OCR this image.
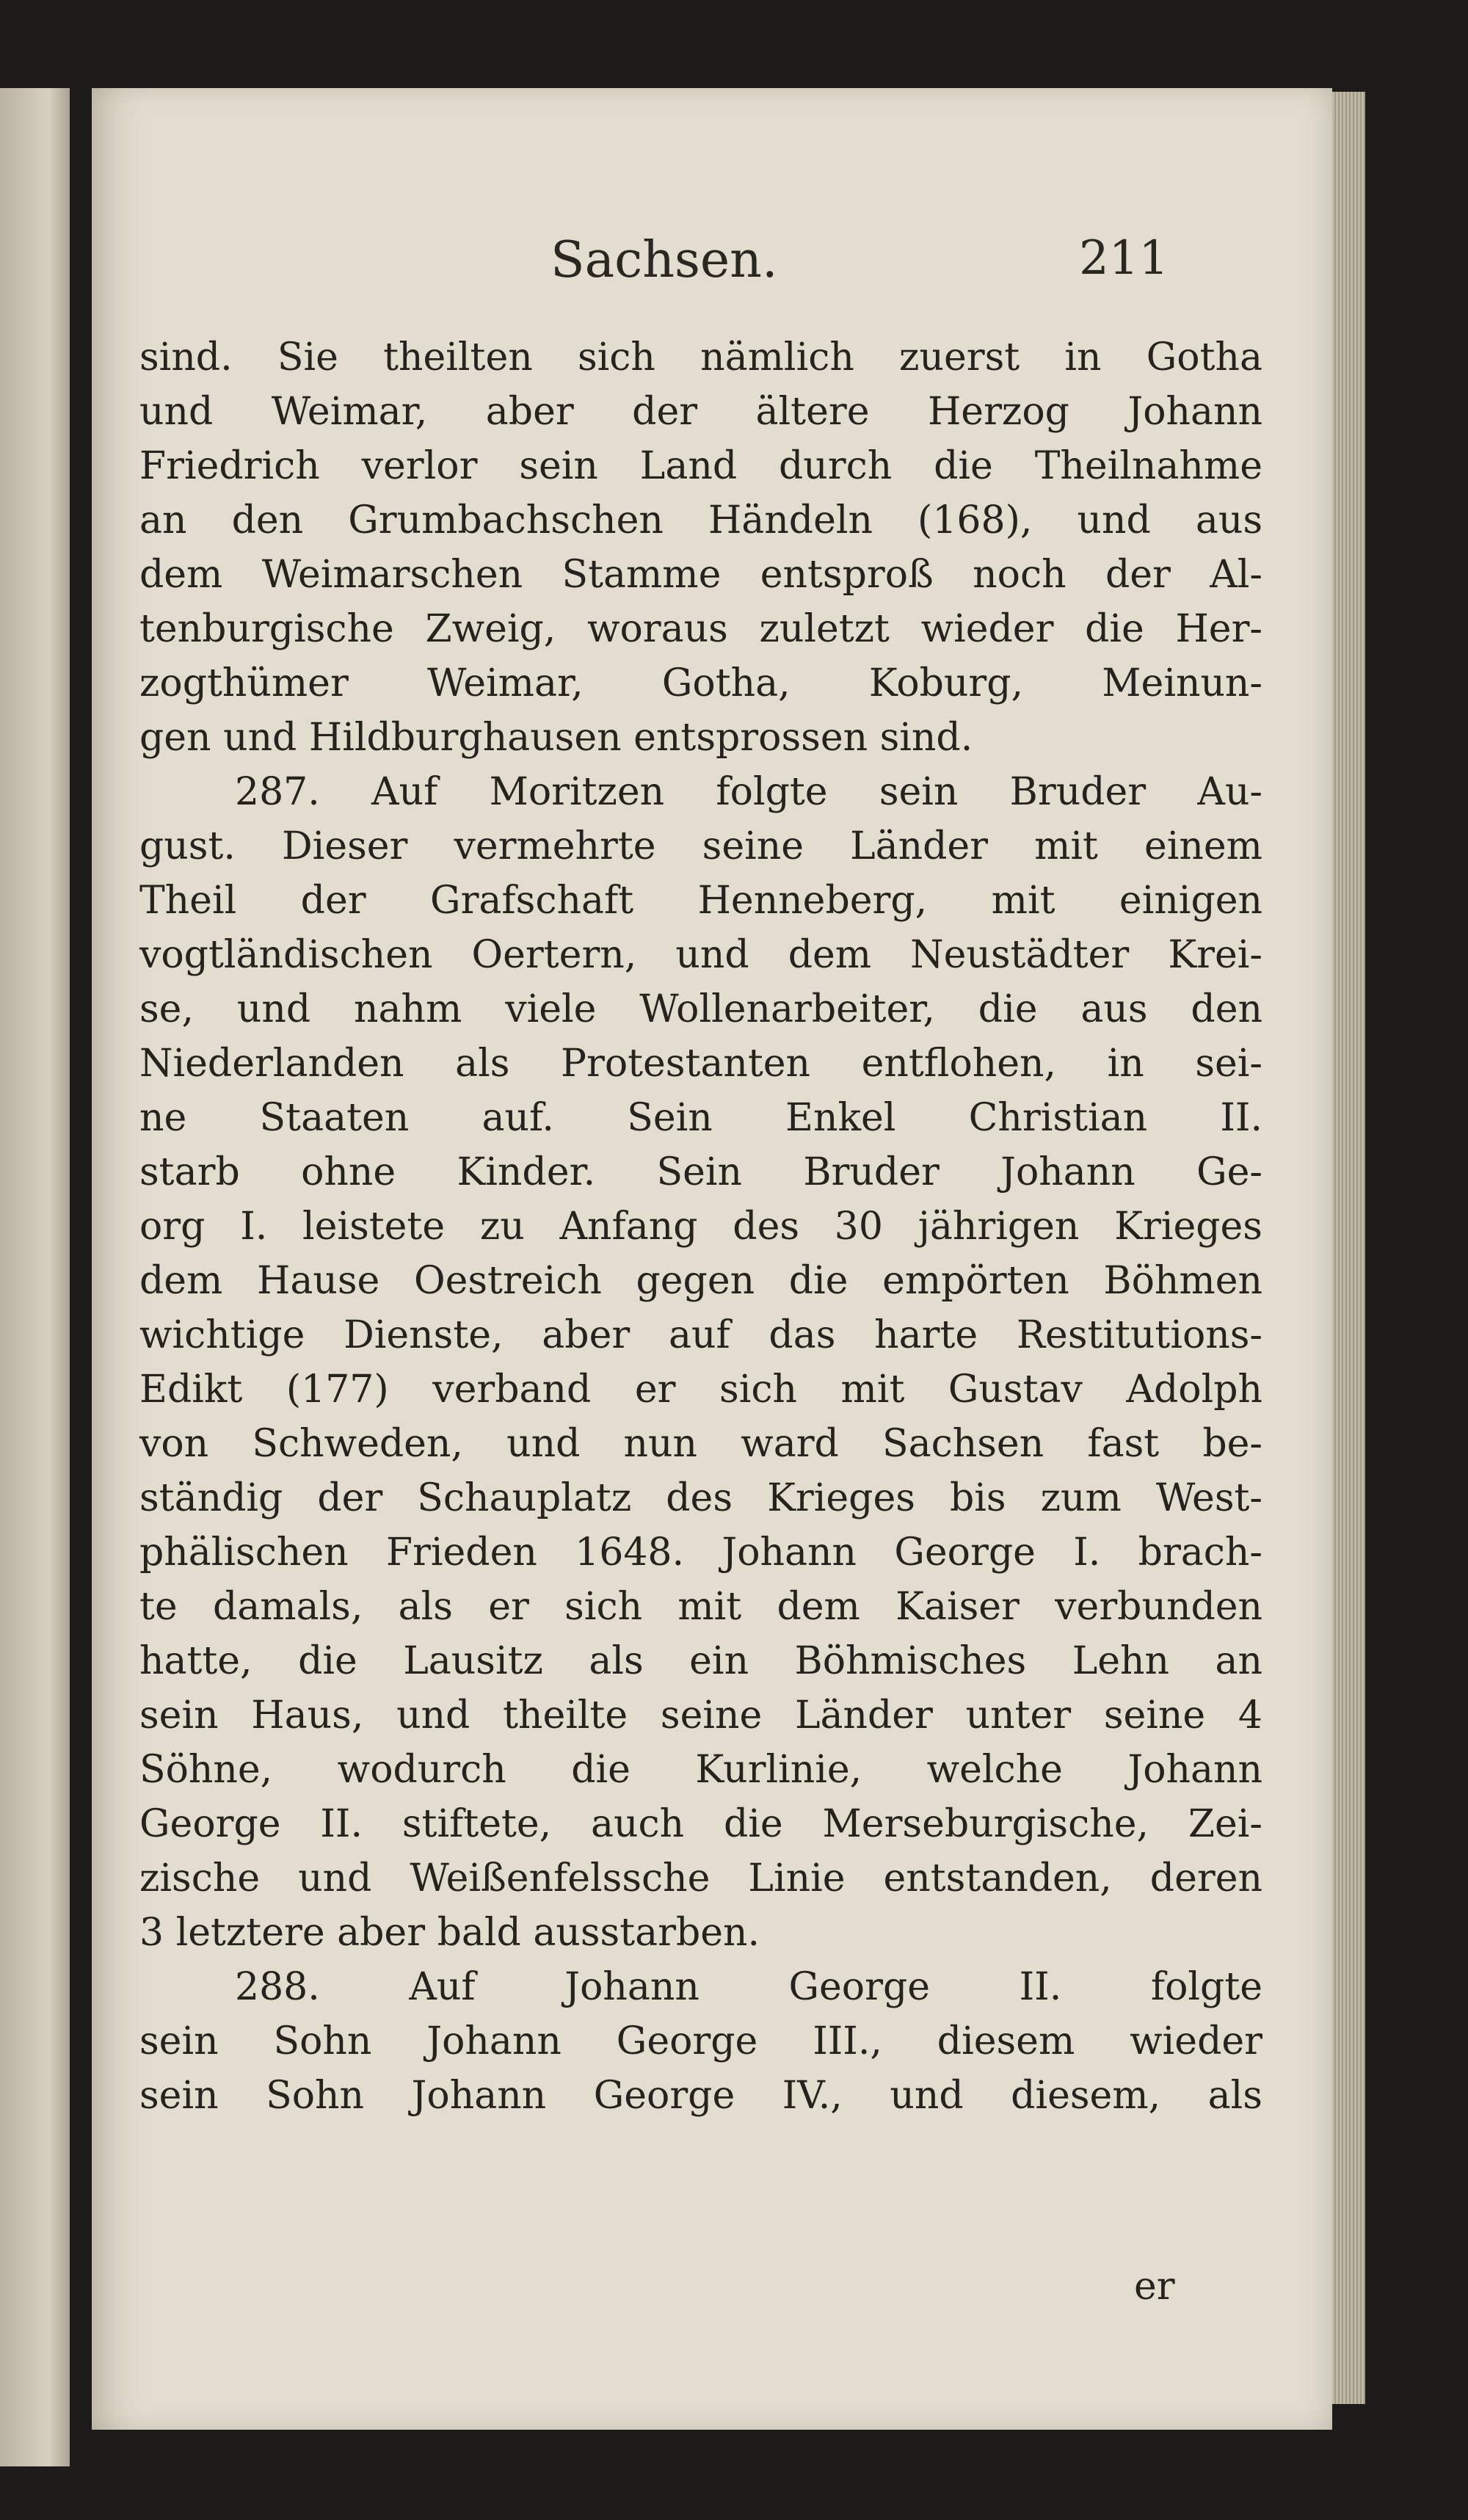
Sachsen.	211
sind. Sie theilten sich nämlich zuerst in Gotha
und Weimar, aber der ältere Herzog Johann
Friedrich verlor sein Land durch die Theilnahme
an den Grumbachschen Händeln (168), und aus
dem Weimarschen Stamme entsproß noch der Al-
tenburgische Zweig, woraus zuletzt wieder die Her-
zogthümer Weimar, Gotha, Koburg, Meinun-
gen und Hildburghausen entsprossen sind.
287. Auf Moritzen folgte sein Bruder Au-
gust. Dieser vermehrte seine Länder mit einem
Theil der Grafschaft Henneberg, mit einigen
vogtländischen Oertern, und dem Neustädter Krei-
se, und nahm viele Wollenarbeiter, die aus den
Niederlanden als Protestanten entflohen, in sei-
ne Staaten auf. Sein Enkel Christian II.
starb ohne Kinder. Sein Bruder Johann Ge-
org I. leistete zu Anfang des 30 jährigen Krieges
dem Hause Oestreich gegen die empörten Böhmen
wichtige Dienste, aber auf das harte Restitutions-
Edikt (177) verband er sich mit Gustav Adolph
von Schweden, und nun ward Sachsen fast be-
ständig der Schauplatz des Krieges bis zum West-
phälischen Frieden 1648. Johann George I. brach-
te damals, als er sich mit dem Kaiser verbunden
hatte, die Lausitz als ein Böhmisches Lehn an
sein Haus, und theilte seine Länder unter seine 4
Söhne, wodurch die Kurlinie, welche Johann
George II. stiftete, auch die Merseburgische, Zei-
zische und Weißenfelssche Linie entstanden, deren
3 letztere aber bald ausstarben.
288. Auf Johann George II. folgte
sein Sohn Johann George III., diesem wieder
sein Sohn Johann George IV., und diesem, als
er
